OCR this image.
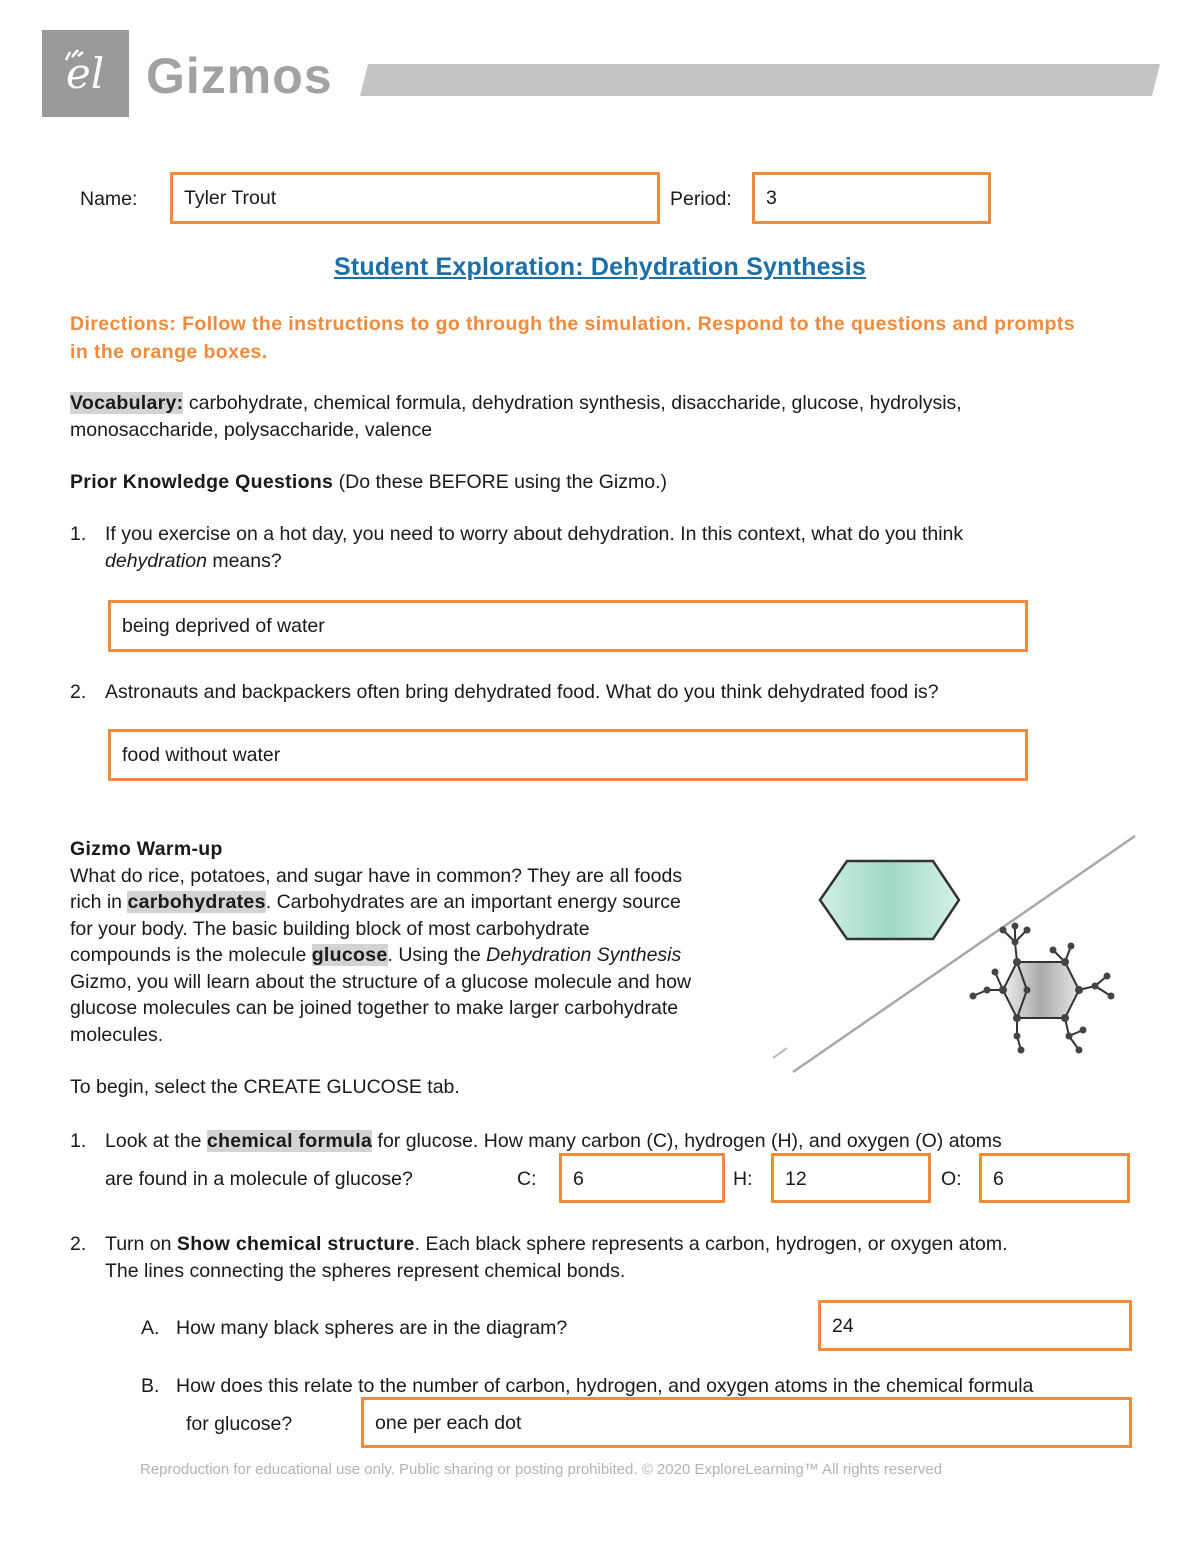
el Gizmos
Name:	Tyler Trout	Period:	3
Student Exploration: Dehydration Synthesis
Directions: Follow the instructions to go through the simulation. Respond to the questions and prompts in the orange boxes.
Vocabulary: carbohydrate, chemical formula, dehydration synthesis, disaccharide, glucose, hydrolysis,
monosaccharide, polysaccharide, valence
Prior Knowledge Questions (Do these BEFORE using the Gizmo.)
1. If you exercise on a hot day, you need to worry about dehydration. In this context, what do you think
dehydration means?
being deprived of water
2. Astronauts and backpackers often bring dehydrated food. What do you think dehydrated food is?
food without water
Gizmo Warm-up
What do rice, potatoes, and sugar have in common? They are all foods
rich in carbohydrates. Carbohydrates are an important energy source
for your body. The basic building block of most carbohydrate
compounds is the molecule glucose. Using the Dehydration Synthesis
Gizmo, you will learn about the structure of a glucose molecule and how
glucose molecules can be joined together to make larger carbohydrate
molecules.
To begin, select the CREATE GLUCOSE tab.
1. Look at the chemical formula for glucose. How many carbon (C), hydrogen (H), and oxygen (O) atoms
are found in a molecule of glucose?	C:	6	H:	12	O:	6
2. Turn on Show chemical structure. Each black sphere represents a carbon, hydrogen, or oxygen atom.
The lines connecting the spheres represent chemical bonds.
A. How many black spheres are in the diagram?	24
B. How does this relate to the number of carbon, hydrogen, and oxygen atoms in the chemical formula
for glucose?	one per each dot
Reproduction for educational use only. Public sharing or posting prohibited. © 2020 ExploreLearning™ All rights reserved
